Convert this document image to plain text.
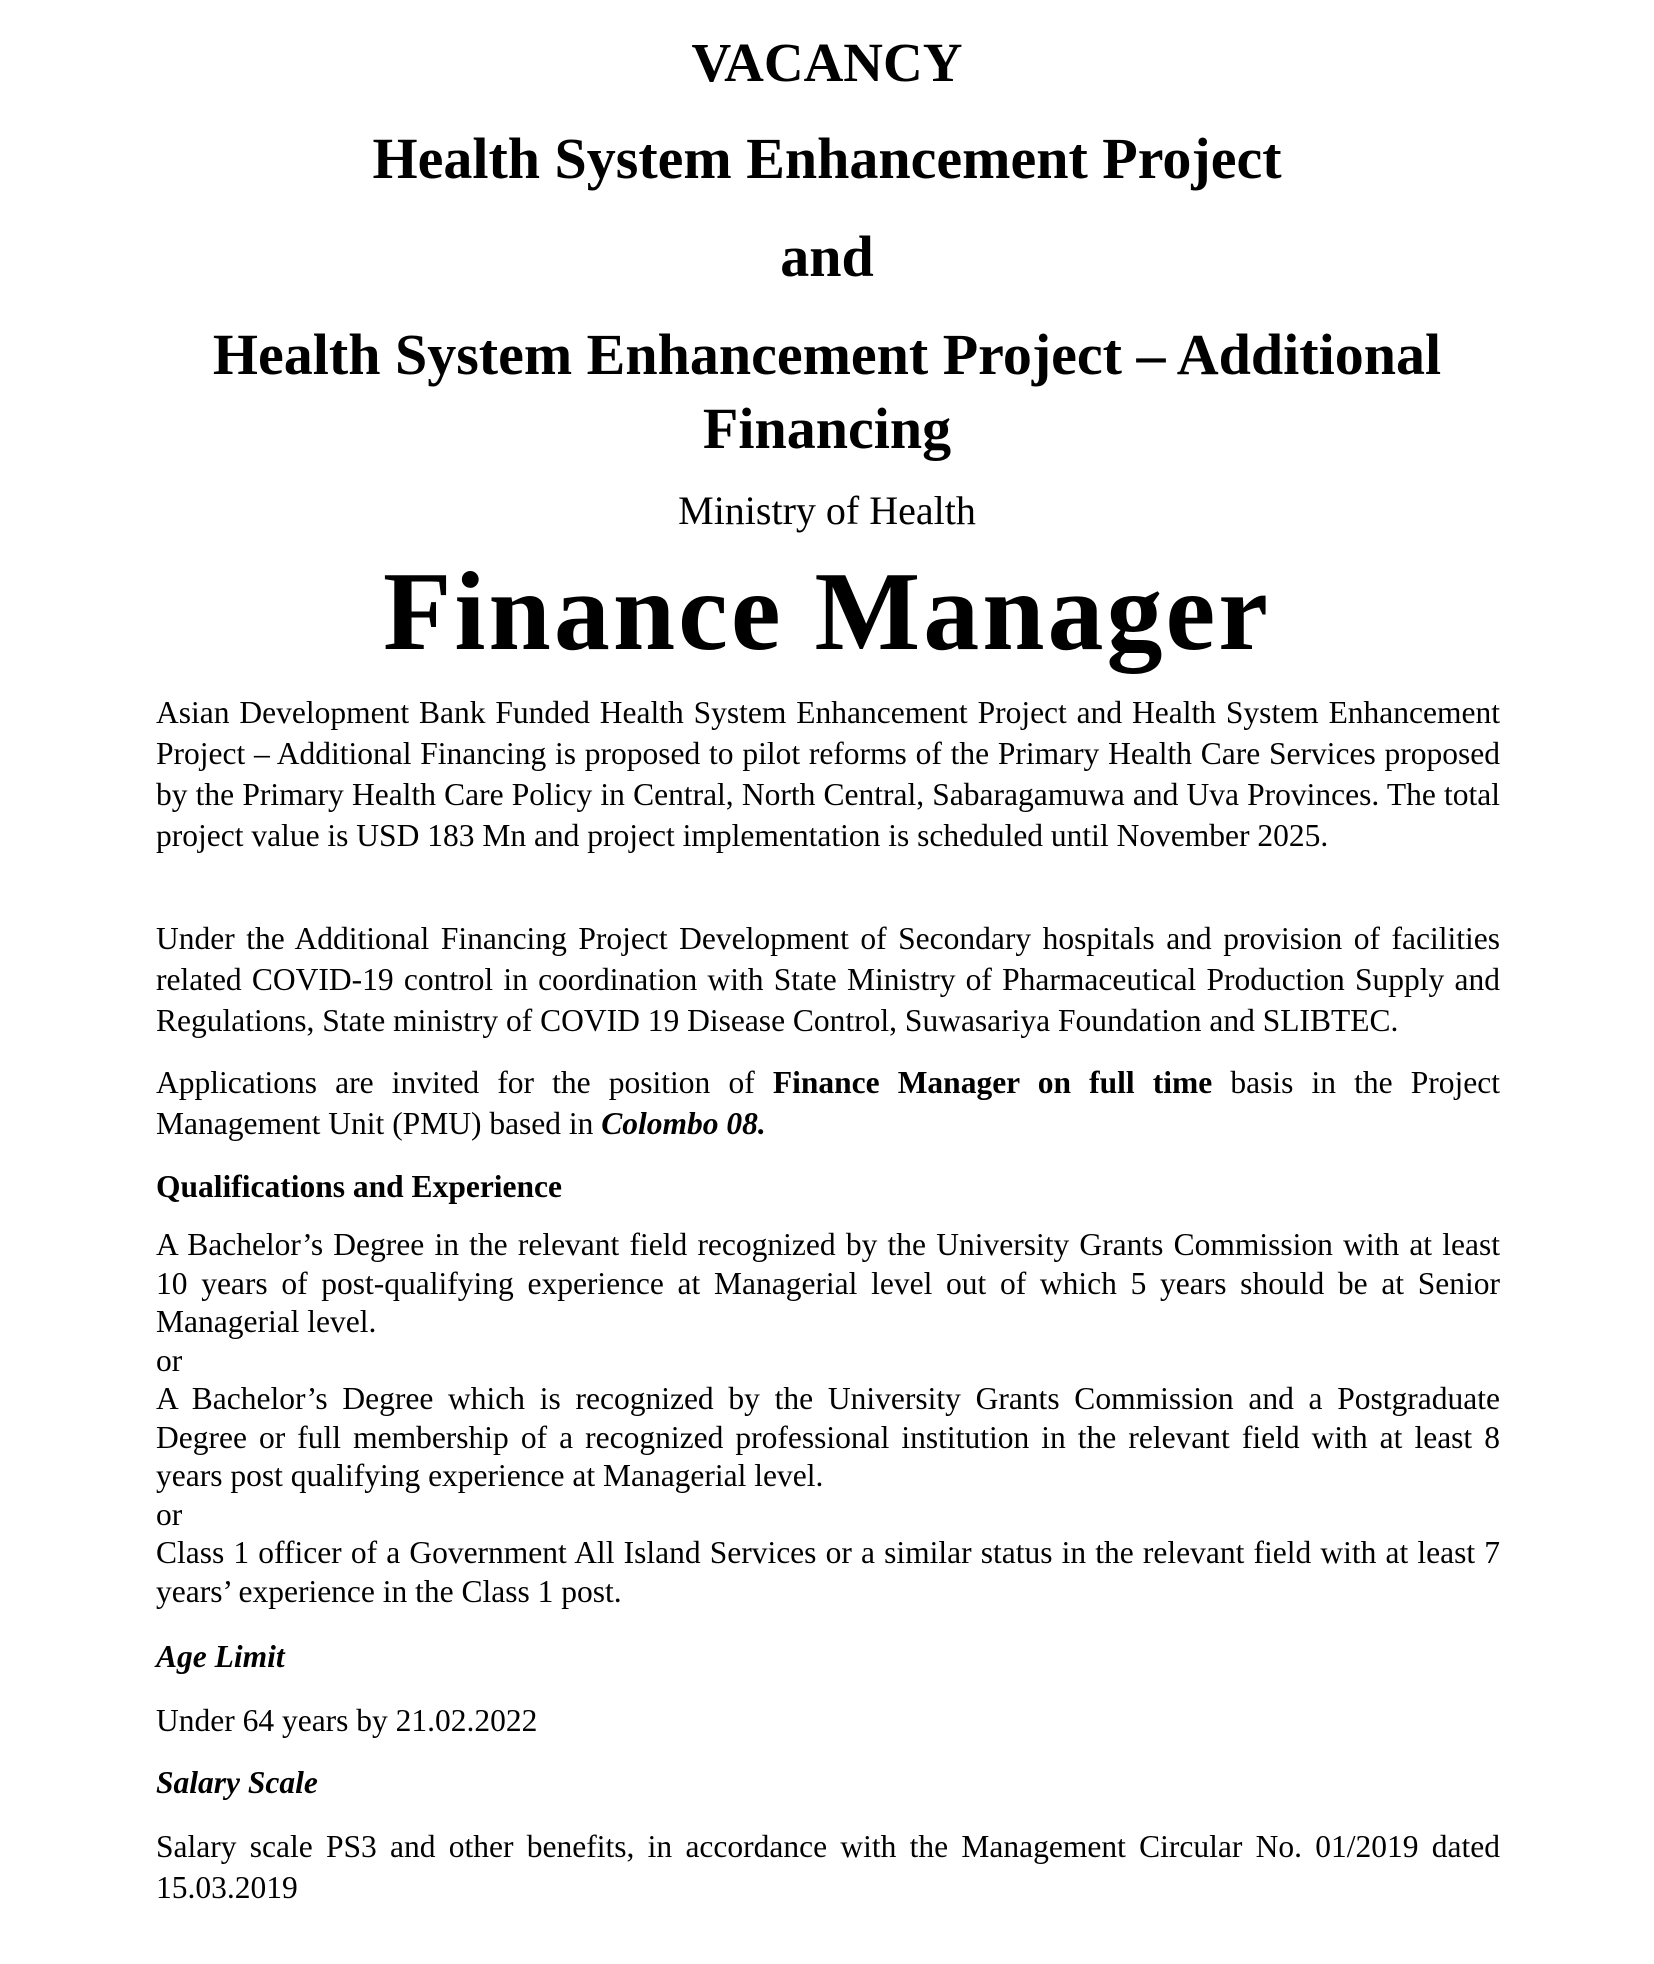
VACANCY
Health System Enhancement Project
and
Health System Enhancement Project – Additional Financing

Ministry of Health

Finance Manager

Asian Development Bank Funded Health System Enhancement Project and Health System Enhancement Project – Additional Financing is proposed to pilot reforms of the Primary Health Care Services proposed by the Primary Health Care Policy in Central, North Central, Sabaragamuwa and Uva Provinces. The total project value is USD 183 Mn and project implementation is scheduled until November 2025.

Under the Additional Financing Project Development of Secondary hospitals and provision of facilities related COVID-19 control in coordination with State Ministry of Pharmaceutical Production Supply and Regulations, State ministry of COVID 19 Disease Control, Suwasariya Foundation and SLIBTEC.

Applications are invited for the position of Finance Manager on full time basis in the Project Management Unit (PMU) based in Colombo 08.

Qualifications and Experience

A Bachelor’s Degree in the relevant field recognized by the University Grants Commission with at least 10 years of post-qualifying experience at Managerial level out of which 5 years should be at Senior Managerial level.
or
A Bachelor’s Degree which is recognized by the University Grants Commission and a Postgraduate Degree or full membership of a recognized professional institution in the relevant field with at least 8 years post qualifying experience at Managerial level.
or
Class 1 officer of a Government All Island Services or a similar status in the relevant field with at least 7 years’ experience in the Class 1 post.

Age Limit

Under 64 years by 21.02.2022

Salary Scale

Salary scale PS3 and other benefits, in accordance with the Management Circular No. 01/2019 dated 15.03.2019
